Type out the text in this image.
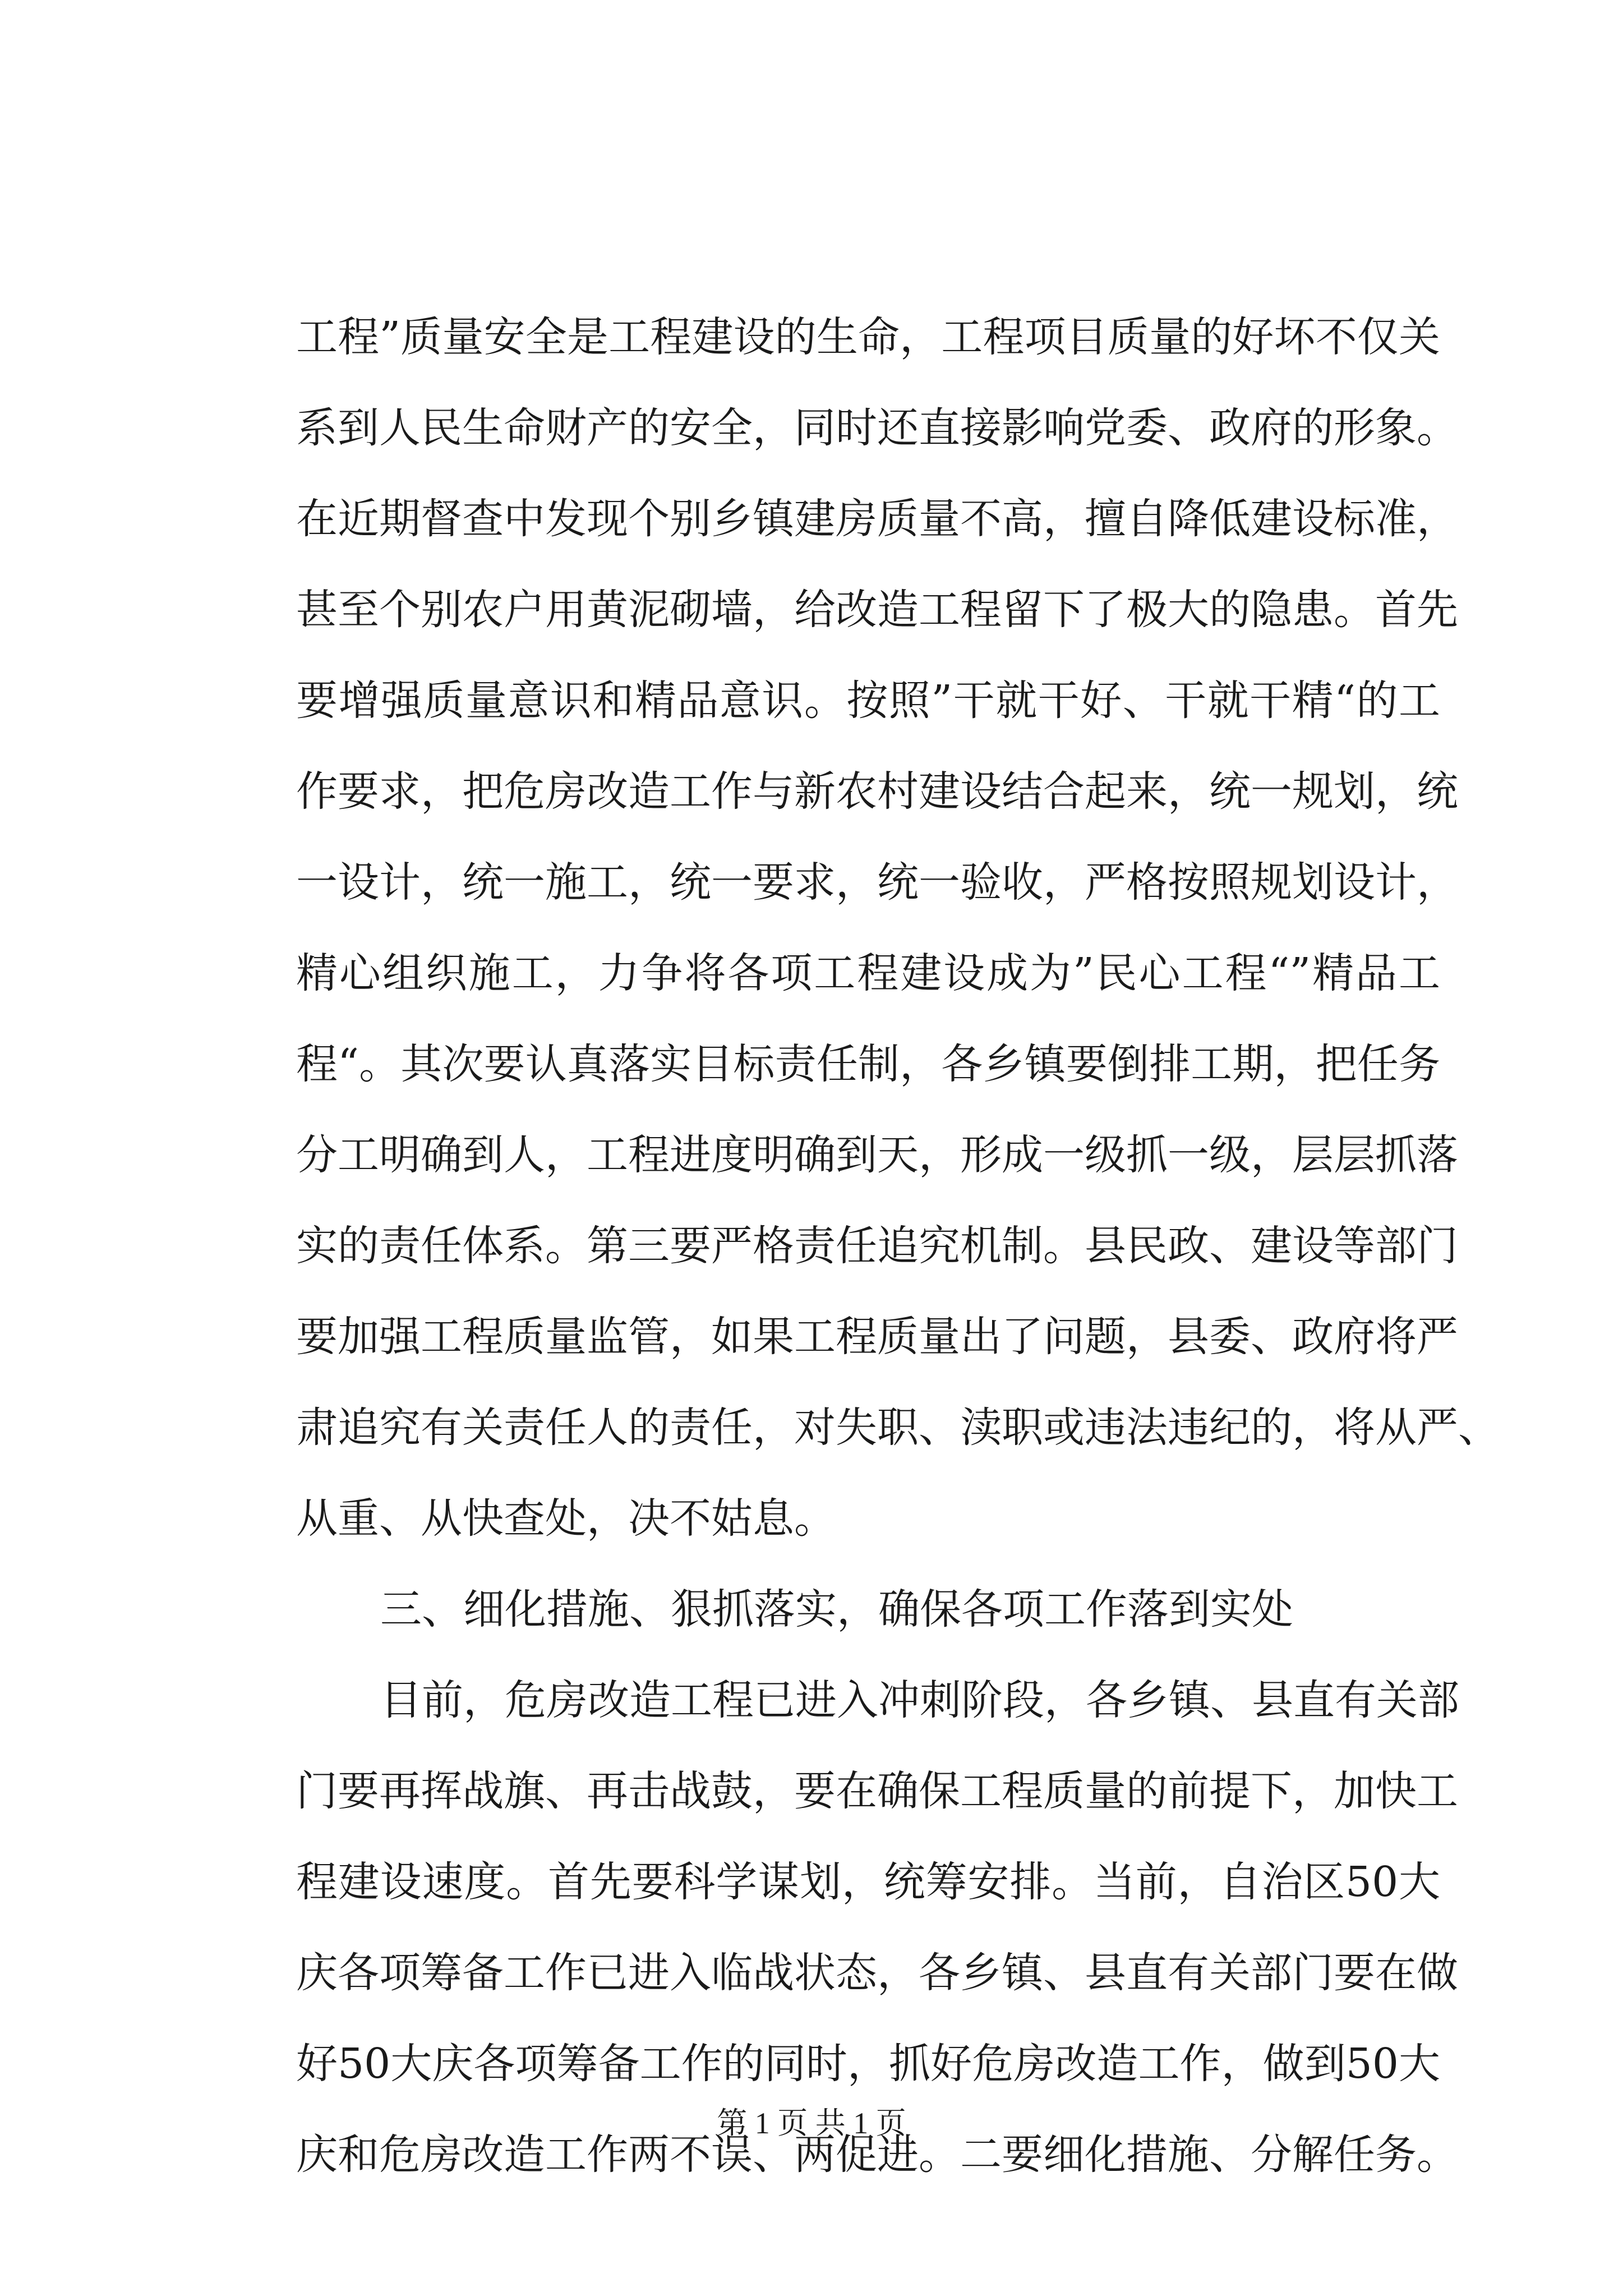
工程”质量安全是工程建设的生命，工程项目质量的好坏不仅关
系到人民生命财产的安全，同时还直接影响党委、政府的形象。
在近期督查中发现个别乡镇建房质量不高，擅自降低建设标准，
甚至个别农户用黄泥砌墙，给改造工程留下了极大的隐患。首先
要增强质量意识和精品意识。按照”干就干好、干就干精“的工
作要求，把危房改造工作与新农村建设结合起来，统一规划，统
一设计，统一施工，统一要求，统一验收，严格按照规划设计，
精心组织施工，力争将各项工程建设成为”民心工程“”精品工
程“。其次要认真落实目标责任制，各乡镇要倒排工期，把任务
分工明确到人，工程进度明确到天，形成一级抓一级，层层抓落
实的责任体系。第三要严格责任追究机制。县民政、建设等部门
要加强工程质量监管，如果工程质量出了问题，县委、政府将严
肃追究有关责任人的责任，对失职、渎职或违法违纪的，将从严、
从重、从快查处，决不姑息。
三、细化措施、狠抓落实，确保各项工作落到实处
目前，危房改造工程已进入冲刺阶段，各乡镇、县直有关部
门要再挥战旗、再击战鼓，要在确保工程质量的前提下，加快工
程建设速度。首先要科学谋划，统筹安排。当前，自治区50大
庆各项筹备工作已进入临战状态，各乡镇、县直有关部门要在做
好50大庆各项筹备工作的同时，抓好危房改造工作，做到50大
庆和危房改造工作两不误、两促进。二要细化措施、分解任务。
第 1 页 共 1 页
